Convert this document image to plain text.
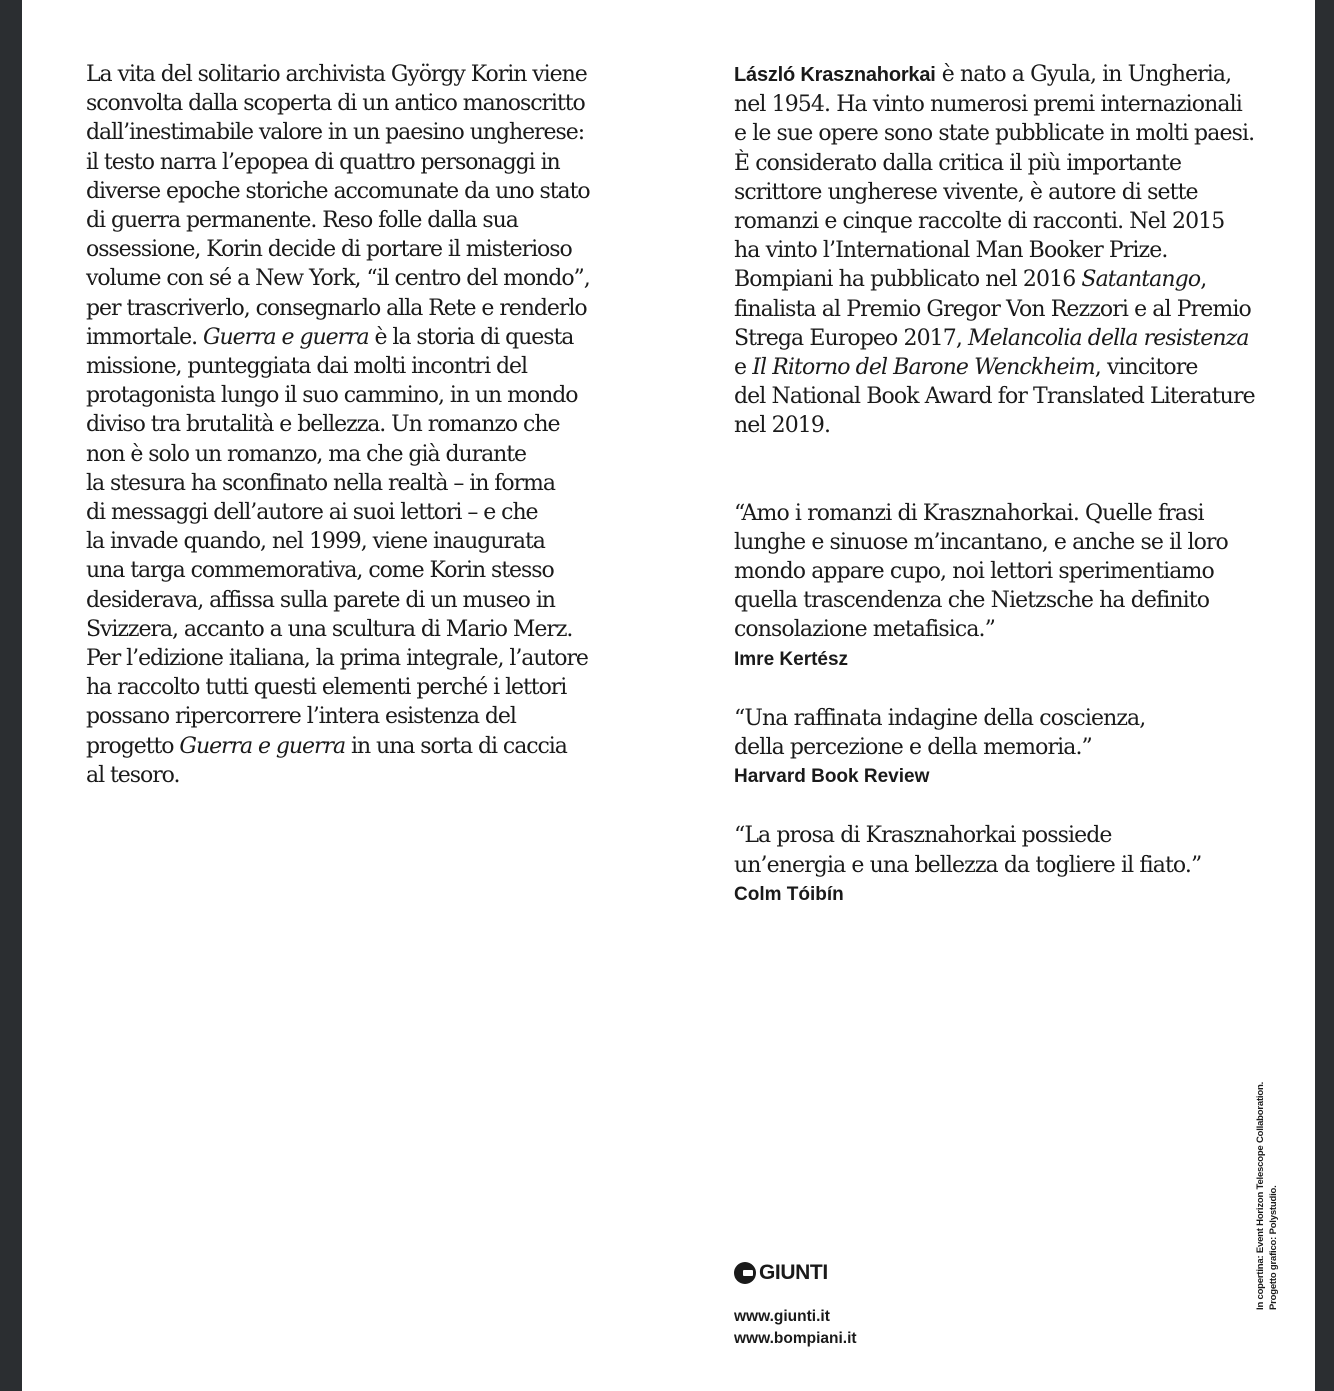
La vita del solitario archivista György Korin viene
sconvolta dalla scoperta di un antico manoscritto
dall’inestimabile valore in un paesino ungherese:
il testo narra l’epopea di quattro personaggi in
diverse epoche storiche accomunate da uno stato
di guerra permanente. Reso folle dalla sua
ossessione, Korin decide di portare il misterioso
volume con sé a New York, “il centro del mondo”,
per trascriverlo, consegnarlo alla Rete e renderlo
immortale. Guerra e guerra è la storia di questa
missione, punteggiata dai molti incontri del
protagonista lungo il suo cammino, in un mondo
diviso tra brutalità e bellezza. Un romanzo che
non è solo un romanzo, ma che già durante
la stesura ha sconfinato nella realtà – in forma
di messaggi dell’autore ai suoi lettori – e che
la invade quando, nel 1999, viene inaugurata
una targa commemorativa, come Korin stesso
desiderava, affissa sulla parete di un museo in
Svizzera, accanto a una scultura di Mario Merz.
Per l’edizione italiana, la prima integrale, l’autore
ha raccolto tutti questi elementi perché i lettori
possano ripercorrere l’intera esistenza del
progetto Guerra e guerra in una sorta di caccia
al tesoro.
László Krasznahorkai è nato a Gyula, in Ungheria,
nel 1954. Ha vinto numerosi premi internazionali
e le sue opere sono state pubblicate in molti paesi.
È considerato dalla critica il più importante
scrittore ungherese vivente, è autore di sette
romanzi e cinque raccolte di racconti. Nel 2015
ha vinto l’International Man Booker Prize.
Bompiani ha pubblicato nel 2016 Satantango,
finalista al Premio Gregor Von Rezzori e al Premio
Strega Europeo 2017, Melancolia della resistenza
e Il Ritorno del Barone Wenckheim, vincitore
del National Book Award for Translated Literature
nel 2019.
“Amo i romanzi di Krasznahorkai. Quelle frasi
lunghe e sinuose m’incantano, e anche se il loro
mondo appare cupo, noi lettori sperimentiamo
quella trascendenza che Nietzsche ha definito
consolazione metafisica.”
Imre Kertész
“Una raffinata indagine della coscienza,
della percezione e della memoria.”
Harvard Book Review
“La prosa di Krasznahorkai possiede
un’energia e una bellezza da togliere il fiato.”
Colm Tóibín
GIUNTI
www.giunti.it
www.bompiani.it
In copertina: Event Horizon Telescope Collaboration. Progetto grafico: Polystudio.
